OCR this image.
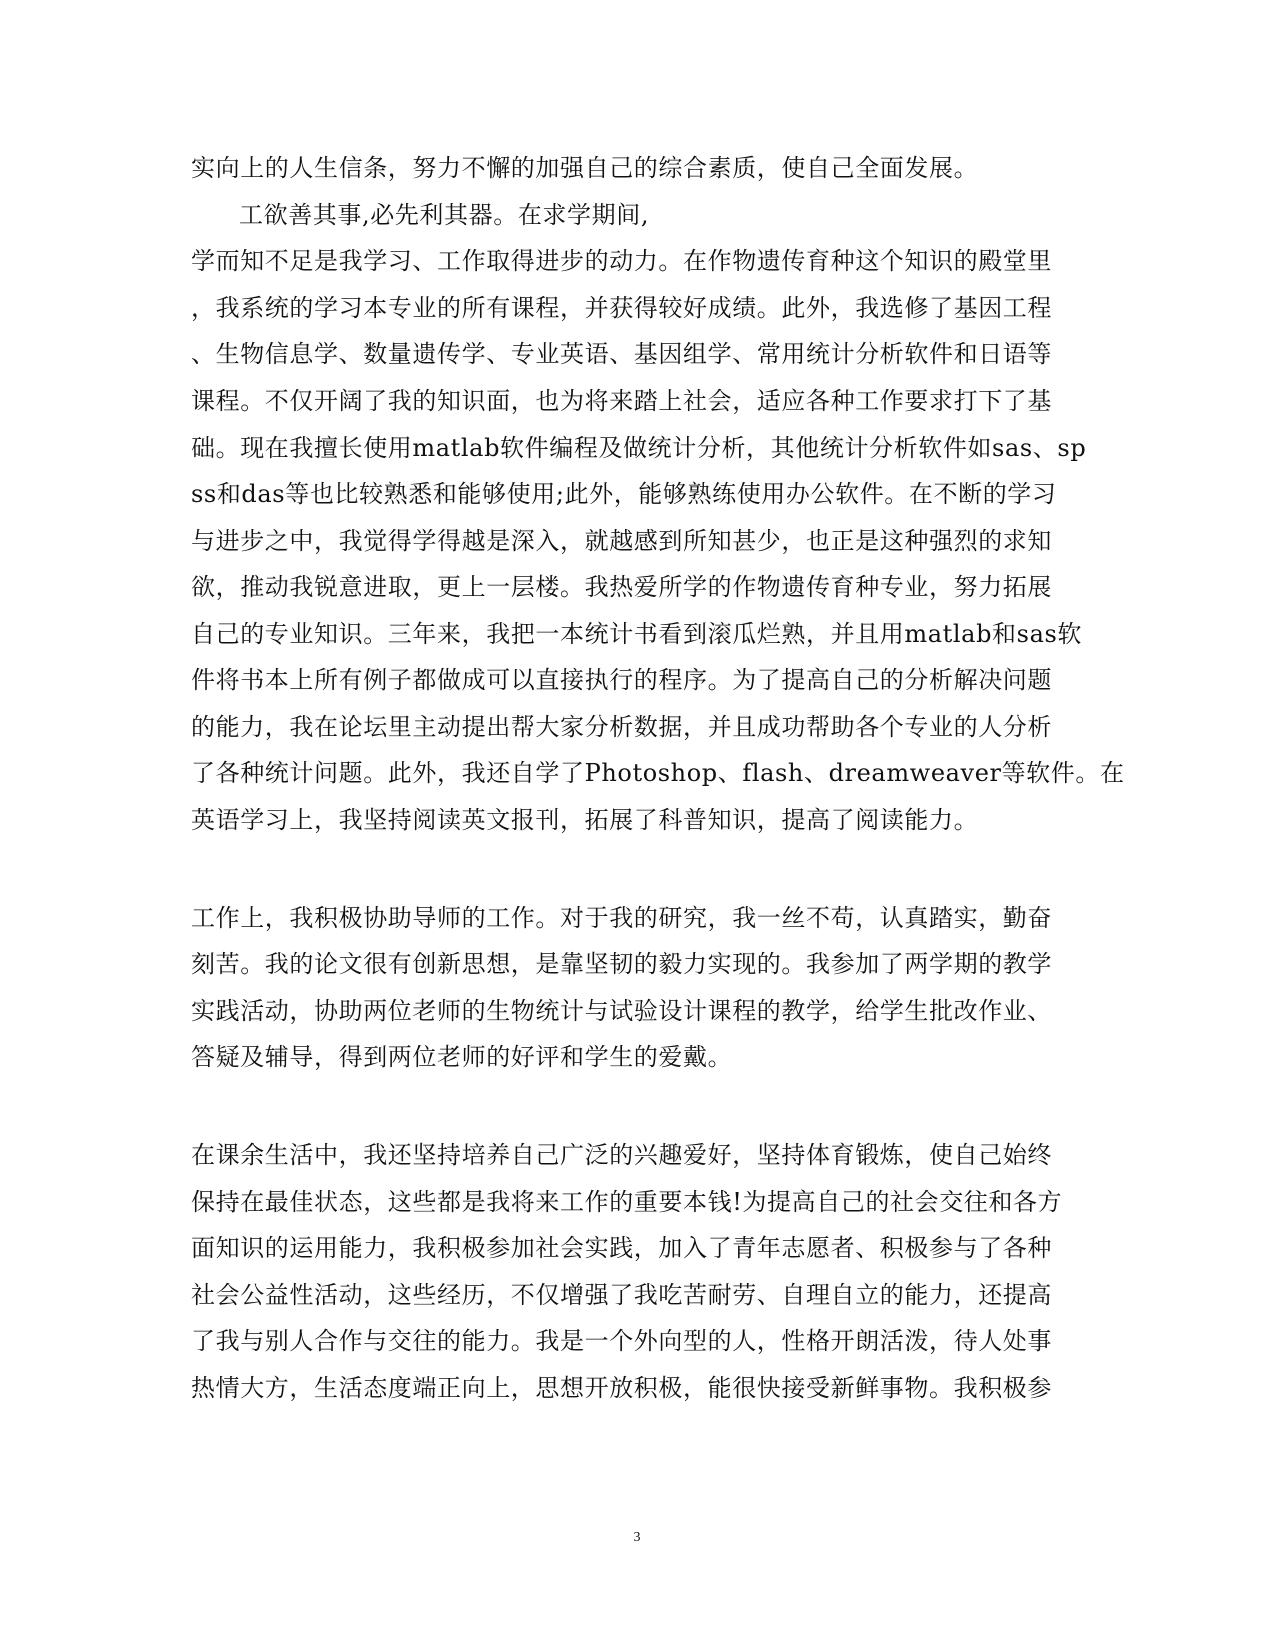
实向上的人生信条，努力不懈的加强自己的综合素质，使自己全面发展。
工欲善其事,必先利其器。在求学期间,
学而知不足是我学习、工作取得进步的动力。在作物遗传育种这个知识的殿堂里
，我系统的学习本专业的所有课程，并获得较好成绩。此外，我选修了基因工程
、生物信息学、数量遗传学、专业英语、基因组学、常用统计分析软件和日语等
课程。不仅开阔了我的知识面，也为将来踏上社会，适应各种工作要求打下了基
础。现在我擅长使用matlab软件编程及做统计分析，其他统计分析软件如sas、sp
ss和das等也比较熟悉和能够使用;此外，能够熟练使用办公软件。在不断的学习
与进步之中，我觉得学得越是深入，就越感到所知甚少，也正是这种强烈的求知
欲，推动我锐意进取，更上一层楼。我热爱所学的作物遗传育种专业，努力拓展
自己的专业知识。三年来，我把一本统计书看到滚瓜烂熟，并且用matlab和sas软
件将书本上所有例子都做成可以直接执行的程序。为了提高自己的分析解决问题
的能力，我在论坛里主动提出帮大家分析数据，并且成功帮助各个专业的人分析
了各种统计问题。此外，我还自学了Photoshop、flash、dreamweaver等软件。在
英语学习上，我坚持阅读英文报刊，拓展了科普知识，提高了阅读能力。
工作上，我积极协助导师的工作。对于我的研究，我一丝不苟，认真踏实，勤奋
刻苦。我的论文很有创新思想，是靠坚韧的毅力实现的。我参加了两学期的教学
实践活动，协助两位老师的生物统计与试验设计课程的教学，给学生批改作业、
答疑及辅导，得到两位老师的好评和学生的爱戴。
在课余生活中，我还坚持培养自己广泛的兴趣爱好，坚持体育锻炼，使自己始终
保持在最佳状态，这些都是我将来工作的重要本钱!为提高自己的社会交往和各方
面知识的运用能力，我积极参加社会实践，加入了青年志愿者、积极参与了各种
社会公益性活动，这些经历，不仅增强了我吃苦耐劳、自理自立的能力，还提高
了我与别人合作与交往的能力。我是一个外向型的人，性格开朗活泼，待人处事
热情大方，生活态度端正向上，思想开放积极，能很快接受新鲜事物。我积极参
3
